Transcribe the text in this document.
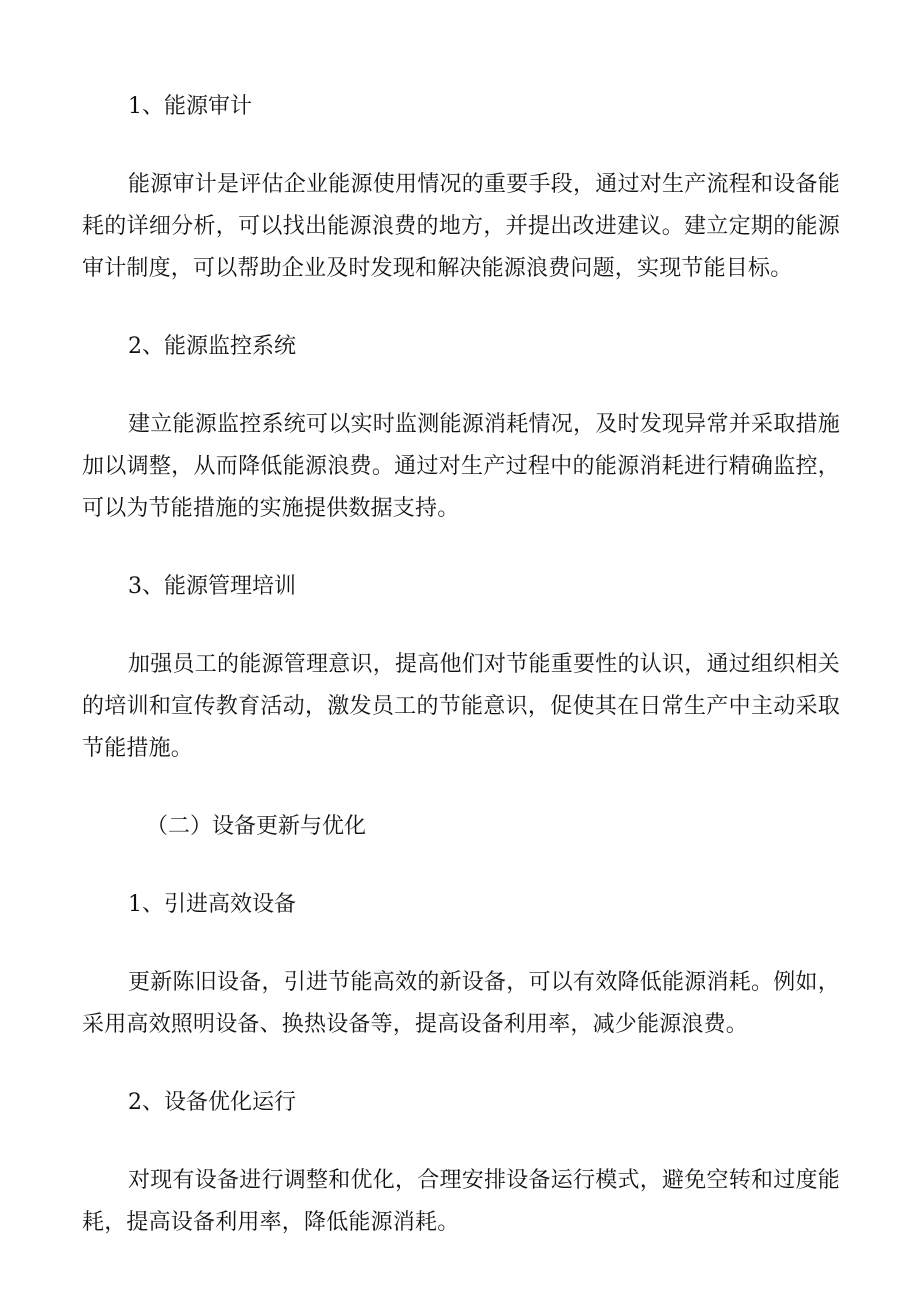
1、能源审计

能源审计是评估企业能源使用情况的重要手段，通过对生产流程和设备能耗的详细分析，可以找出能源浪费的地方，并提出改进建议。建立定期的能源审计制度，可以帮助企业及时发现和解决能源浪费问题，实现节能目标。

2、能源监控系统

建立能源监控系统可以实时监测能源消耗情况，及时发现异常并采取措施加以调整，从而降低能源浪费。通过对生产过程中的能源消耗进行精确监控，可以为节能措施的实施提供数据支持。

3、能源管理培训

加强员工的能源管理意识，提高他们对节能重要性的认识，通过组织相关的培训和宣传教育活动，激发员工的节能意识，促使其在日常生产中主动采取节能措施。

（二）设备更新与优化

1、引进高效设备

更新陈旧设备，引进节能高效的新设备，可以有效降低能源消耗。例如，采用高效照明设备、换热设备等，提高设备利用率，减少能源浪费。

2、设备优化运行

对现有设备进行调整和优化，合理安排设备运行模式，避免空转和过度能耗，提高设备利用率，降低能源消耗。
